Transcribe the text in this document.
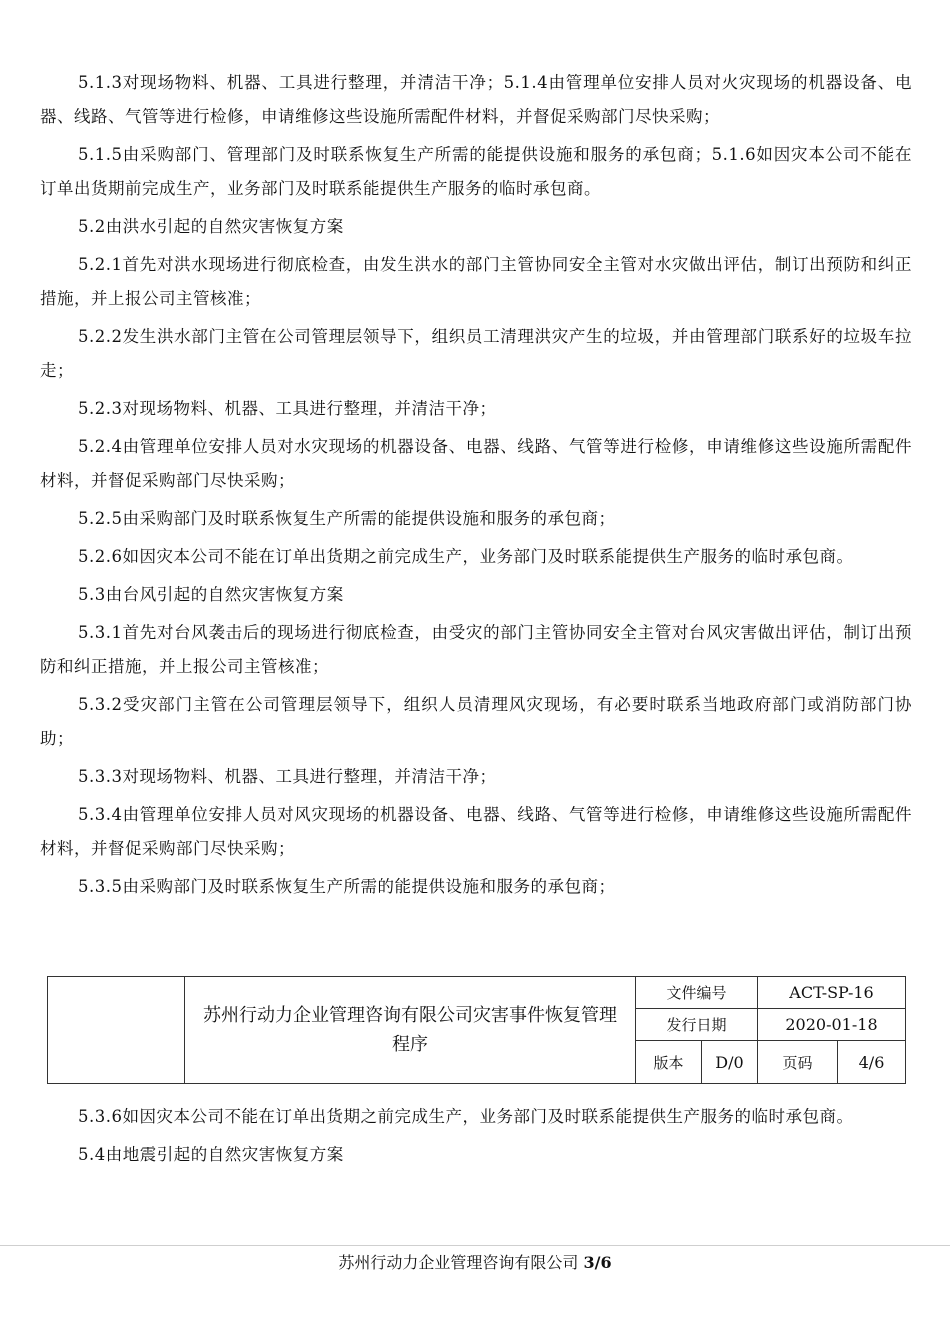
5.1.3对现场物料、机器、工具进行整理，并清洁干净；5.1.4由管理单位安排人员对火灾现场的机器设备、电器、线路、气管等进行检修，申请维修这些设施所需配件材料，并督促采购部门尽快采购；

5.1.5由采购部门、管理部门及时联系恢复生产所需的能提供设施和服务的承包商；5.1.6如因灾本公司不能在订单出货期前完成生产，业务部门及时联系能提供生产服务的临时承包商。

5.2由洪水引起的自然灾害恢复方案

5.2.1首先对洪水现场进行彻底检查，由发生洪水的部门主管协同安全主管对水灾做出评估，制订出预防和纠正措施，并上报公司主管核准；

5.2.2发生洪水部门主管在公司管理层领导下，组织员工清理洪灾产生的垃圾，并由管理部门联系好的垃圾车拉走；

5.2.3对现场物料、机器、工具进行整理，并清洁干净；

5.2.4由管理单位安排人员对水灾现场的机器设备、电器、线路、气管等进行检修，申请维修这些设施所需配件材料，并督促采购部门尽快采购；

5.2.5由采购部门及时联系恢复生产所需的能提供设施和服务的承包商；

5.2.6如因灾本公司不能在订单出货期之前完成生产，业务部门及时联系能提供生产服务的临时承包商。

5.3由台风引起的自然灾害恢复方案

5.3.1首先对台风袭击后的现场进行彻底检查，由受灾的部门主管协同安全主管对台风灾害做出评估，制订出预防和纠正措施，并上报公司主管核准；

5.3.2受灾部门主管在公司管理层领导下，组织人员清理风灾现场，有必要时联系当地政府部门或消防部门协助；

5.3.3对现场物料、机器、工具进行整理，并清洁干净；

5.3.4由管理单位安排人员对风灾现场的机器设备、电器、线路、气管等进行检修，申请维修这些设施所需配件材料，并督促采购部门尽快采购；

5.3.5由采购部门及时联系恢复生产所需的能提供设施和服务的承包商；

苏州行动力企业管理咨询有限公司灾害事件恢复管理程序
文件编号	ACT-SP-16
发行日期	2020-01-18
版本	D/0	页码	4/6

5.3.6如因灾本公司不能在订单出货期之前完成生产，业务部门及时联系能提供生产服务的临时承包商。

5.4由地震引起的自然灾害恢复方案

苏州行动力企业管理咨询有限公司 3/6
